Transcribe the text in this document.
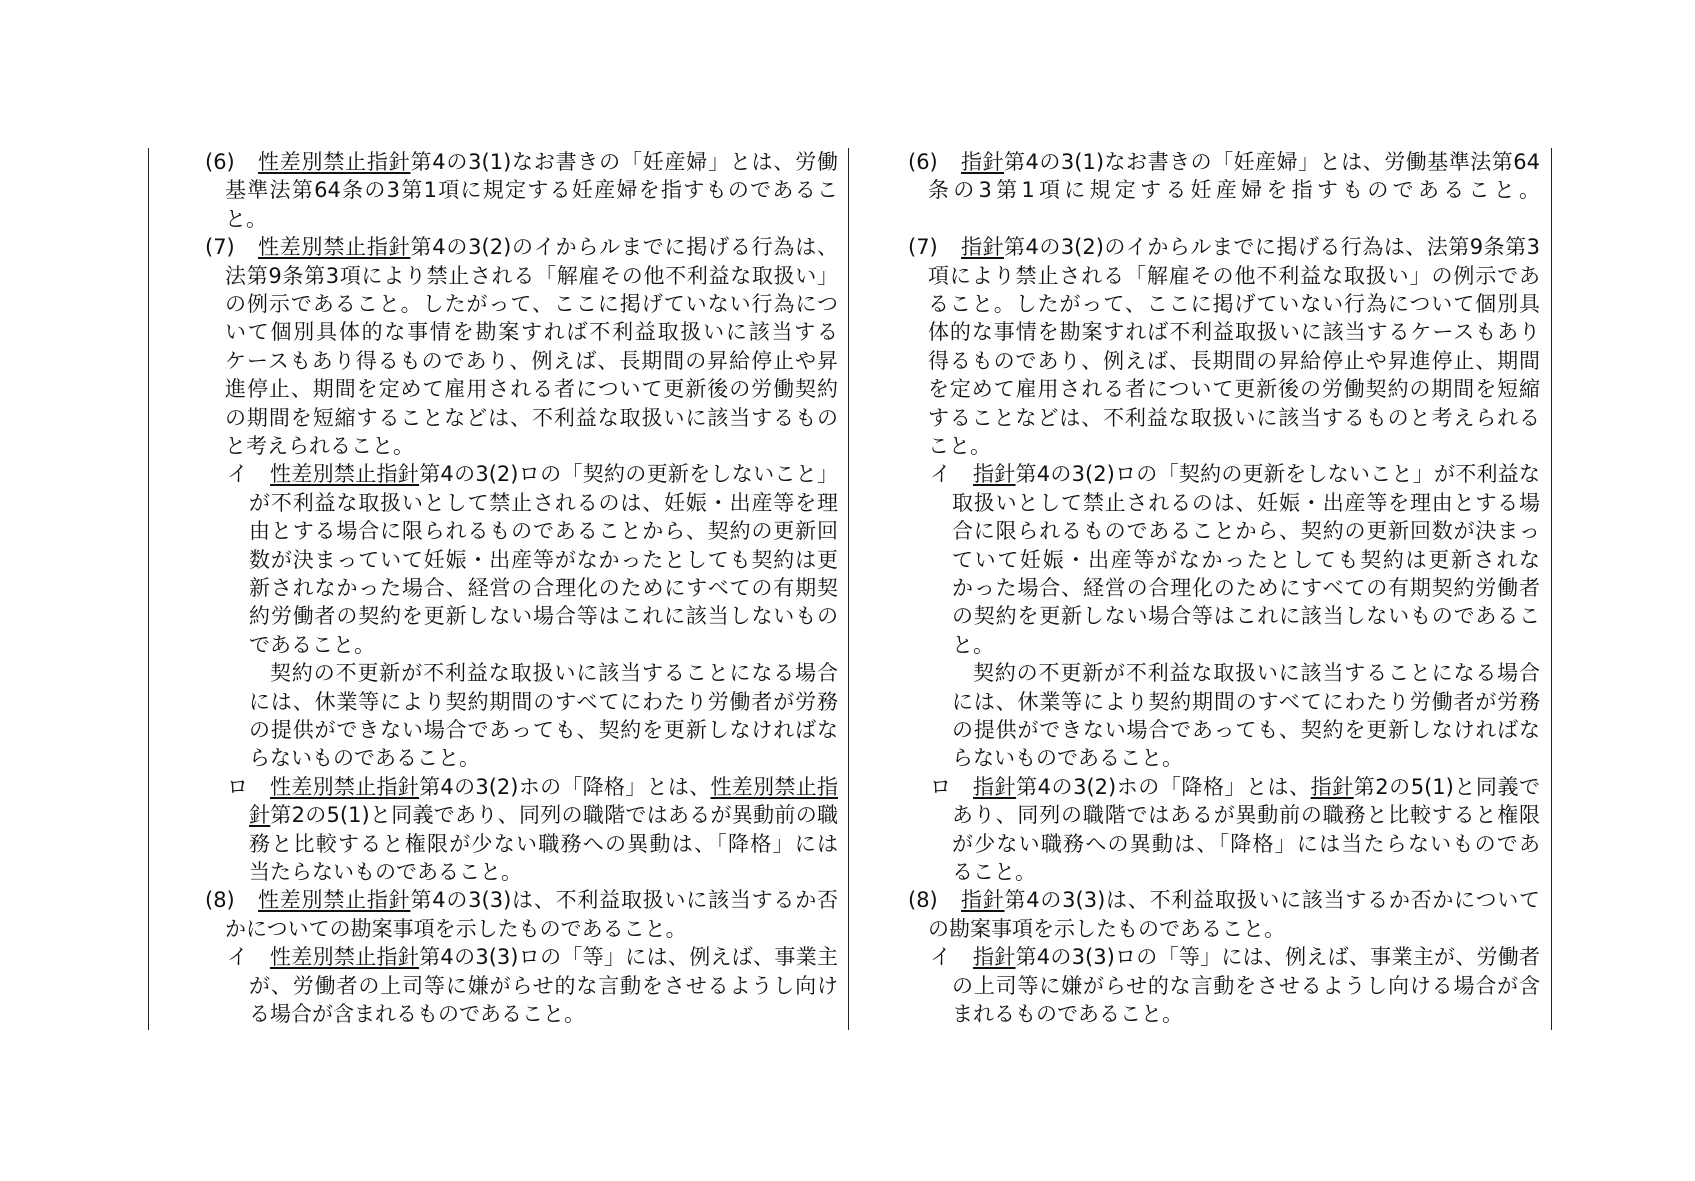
(6) 性差別禁止指針第4の3(1)なお書きの「妊産婦」とは、労働
基準法第64条の3第1項に規定する妊産婦を指すものであるこ
と。
(7) 性差別禁止指針第4の3(2)のイからルまでに掲げる行為は、
法第9条第3項により禁止される「解雇その他不利益な取扱い」
の例示であること。したがって、ここに掲げていない行為につ
いて個別具体的な事情を勘案すれば不利益取扱いに該当する
ケースもあり得るものであり、例えば、長期間の昇給停止や昇
進停止、期間を定めて雇用される者について更新後の労働契約
の期間を短縮することなどは、不利益な取扱いに該当するもの
と考えられること。
イ 性差別禁止指針第4の3(2)ロの「契約の更新をしないこと」
が不利益な取扱いとして禁止されるのは、妊娠・出産等を理
由とする場合に限られるものであることから、契約の更新回
数が決まっていて妊娠・出産等がなかったとしても契約は更
新されなかった場合、経営の合理化のためにすべての有期契
約労働者の契約を更新しない場合等はこれに該当しないもの
であること。
契約の不更新が不利益な取扱いに該当することになる場合
には、休業等により契約期間のすべてにわたり労働者が労務
の提供ができない場合であっても、契約を更新しなければな
らないものであること。
ロ 性差別禁止指針第4の3(2)ホの「降格」とは、性差別禁止指
針第2の5(1)と同義であり、同列の職階ではあるが異動前の職
務と比較すると権限が少ない職務への異動は、「降格」には
当たらないものであること。
(8) 性差別禁止指針第4の3(3)は、不利益取扱いに該当するか否
かについての勘案事項を示したものであること。
イ 性差別禁止指針第4の3(3)ロの「等」には、例えば、事業主
が、労働者の上司等に嫌がらせ的な言動をさせるようし向け
る場合が含まれるものであること。
(6) 指針第4の3(1)なお書きの「妊産婦」とは、労働基準法第64
条の3第1項に規定する妊産婦を指すものであること。
(7) 指針第4の3(2)のイからルまでに掲げる行為は、法第9条第3
項により禁止される「解雇その他不利益な取扱い」の例示であ
ること。したがって、ここに掲げていない行為について個別具
体的な事情を勘案すれば不利益取扱いに該当するケースもあり
得るものであり、例えば、長期間の昇給停止や昇進停止、期間
を定めて雇用される者について更新後の労働契約の期間を短縮
することなどは、不利益な取扱いに該当するものと考えられる
こと。
イ 指針第4の3(2)ロの「契約の更新をしないこと」が不利益な
取扱いとして禁止されるのは、妊娠・出産等を理由とする場
合に限られるものであることから、契約の更新回数が決まっ
ていて妊娠・出産等がなかったとしても契約は更新されな
かった場合、経営の合理化のためにすべての有期契約労働者
の契約を更新しない場合等はこれに該当しないものであるこ
と。
契約の不更新が不利益な取扱いに該当することになる場合
には、休業等により契約期間のすべてにわたり労働者が労務
の提供ができない場合であっても、契約を更新しなければな
らないものであること。
ロ 指針第4の3(2)ホの「降格」とは、指針第2の5(1)と同義で
あり、同列の職階ではあるが異動前の職務と比較すると権限
が少ない職務への異動は、「降格」には当たらないものであ
ること。
(8) 指針第4の3(3)は、不利益取扱いに該当するか否かについて
の勘案事項を示したものであること。
イ 指針第4の3(3)ロの「等」には、例えば、事業主が、労働者
の上司等に嫌がらせ的な言動をさせるようし向ける場合が含
まれるものであること。
